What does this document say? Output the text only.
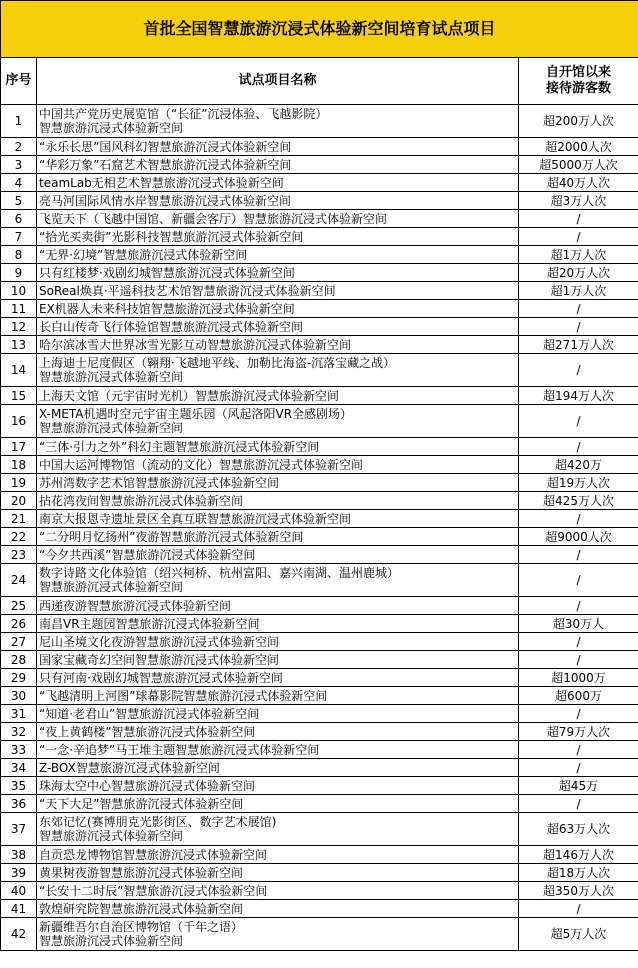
首批全国智慧旅游沉浸式体验新空间培育试点项目		
序号	试点项目名称	自开馆以来
接待游客数

1	中国共产党历史展览馆（“长征”沉浸体验、飞越影院）
智慧旅游沉浸式体验新空间	超200万人次
2	“永乐长思”国风科幻智慧旅游沉浸式体验新空间	超2000人次
3	“华彩万象”石窟艺术智慧旅游沉浸式体验新空间	超5000万人次
4	teamLab无相艺术智慧旅游沉浸式体验新空间	超40万人次
5	亮马河国际风情水岸智慧旅游沉浸式体验新空间	超3万人次
6	飞览天下（飞越中国馆、新疆会客厅）智慧旅游沉浸式体验新空间	/
7	“拾光买卖街”光影科技智慧旅游沉浸式体验新空间	/
8	“无界·幻境”智慧旅游沉浸式体验新空间	超1万人次
9	只有红楼梦·戏剧幻城智慧旅游沉浸式体验新空间	超20万人次
10	SoReal焕真·平遥科技艺术馆智慧旅游沉浸式体验新空间	超1万人次
11	EX机器人未来科技馆智慧旅游沉浸式体验新空间	/
12	长白山传奇飞行体验馆智慧旅游沉浸式体验新空间	/
13	哈尔滨冰雪大世界冰雪光影互动智慧旅游沉浸式体验新空间	超271万人次
14	上海迪士尼度假区（翱翔·飞越地平线、加勒比海盗-沉落宝藏之战）
智慧旅游沉浸式体验新空间	/
15	上海天文馆（元宇宙时光机）智慧旅游沉浸式体验新空间	超194万人次
16	X-META机遇时空元宇宙主题乐园（风起洛阳VR全感剧场）
智慧旅游沉浸式体验新空间	/
17	“三体·引力之外”科幻主题智慧旅游沉浸式体验新空间	/
18	中国大运河博物馆（流动的文化）智慧旅游沉浸式体验新空间	超420万
19	苏州湾数字艺术馆智慧旅游沉浸式体验新空间	超19万人次
20	拈花湾夜间智慧旅游沉浸式体验新空间	超425万人次
21	南京大报恩寺遗址景区全真互联智慧旅游沉浸式体验新空间	/
22	“二分明月忆扬州”夜游智慧旅游沉浸式体验新空间	超9000人次
23	“今夕共西溪”智慧旅游沉浸式体验新空间	/
24	数字诗路文化体验馆（绍兴柯桥、杭州富阳、嘉兴南湖、温州鹿城）
智慧旅游沉浸式体验新空间	/
25	西递夜游智慧旅游沉浸式体验新空间	/
26	南昌VR主题园智慧旅游沉浸式体验新空间	超30万人
27	尼山圣境文化夜游智慧旅游沉浸式体验新空间	/
28	国家宝藏奇幻空间智慧旅游沉浸式体验新空间	/
29	只有河南·戏剧幻城智慧旅游沉浸式体验新空间	超1000万
30	“飞越清明上河图”球幕影院智慧旅游沉浸式体验新空间	超600万
31	“知道·老君山”智慧旅游沉浸式体验新空间	/
32	“夜上黄鹤楼”智慧旅游沉浸式体验新空间	超79万人次
33	“一念·辛追梦”马王堆主题智慧旅游沉浸式体验新空间	/
34	Z-BOX智慧旅游沉浸式体验新空间	/
35	珠海太空中心智慧旅游沉浸式体验新空间	超45万
36	“天下大足”智慧旅游沉浸式体验新空间	/
37	东郊记忆(赛博朋克光影街区、数字艺术展馆)
智慧旅游沉浸式体验新空间	超63万人次
38	自贡恐龙博物馆智慧旅游沉浸式体验新空间	超146万人次
39	黄果树夜游智慧旅游沉浸式体验新空间	超18万人次
40	“长安十二时辰”智慧旅游沉浸式体验新空间	超350万人次
41	敦煌研究院智慧旅游沉浸式体验新空间	/
42	新疆维吾尔自治区博物馆（千年之语）
智慧旅游沉浸式体验新空间	超5万人次
